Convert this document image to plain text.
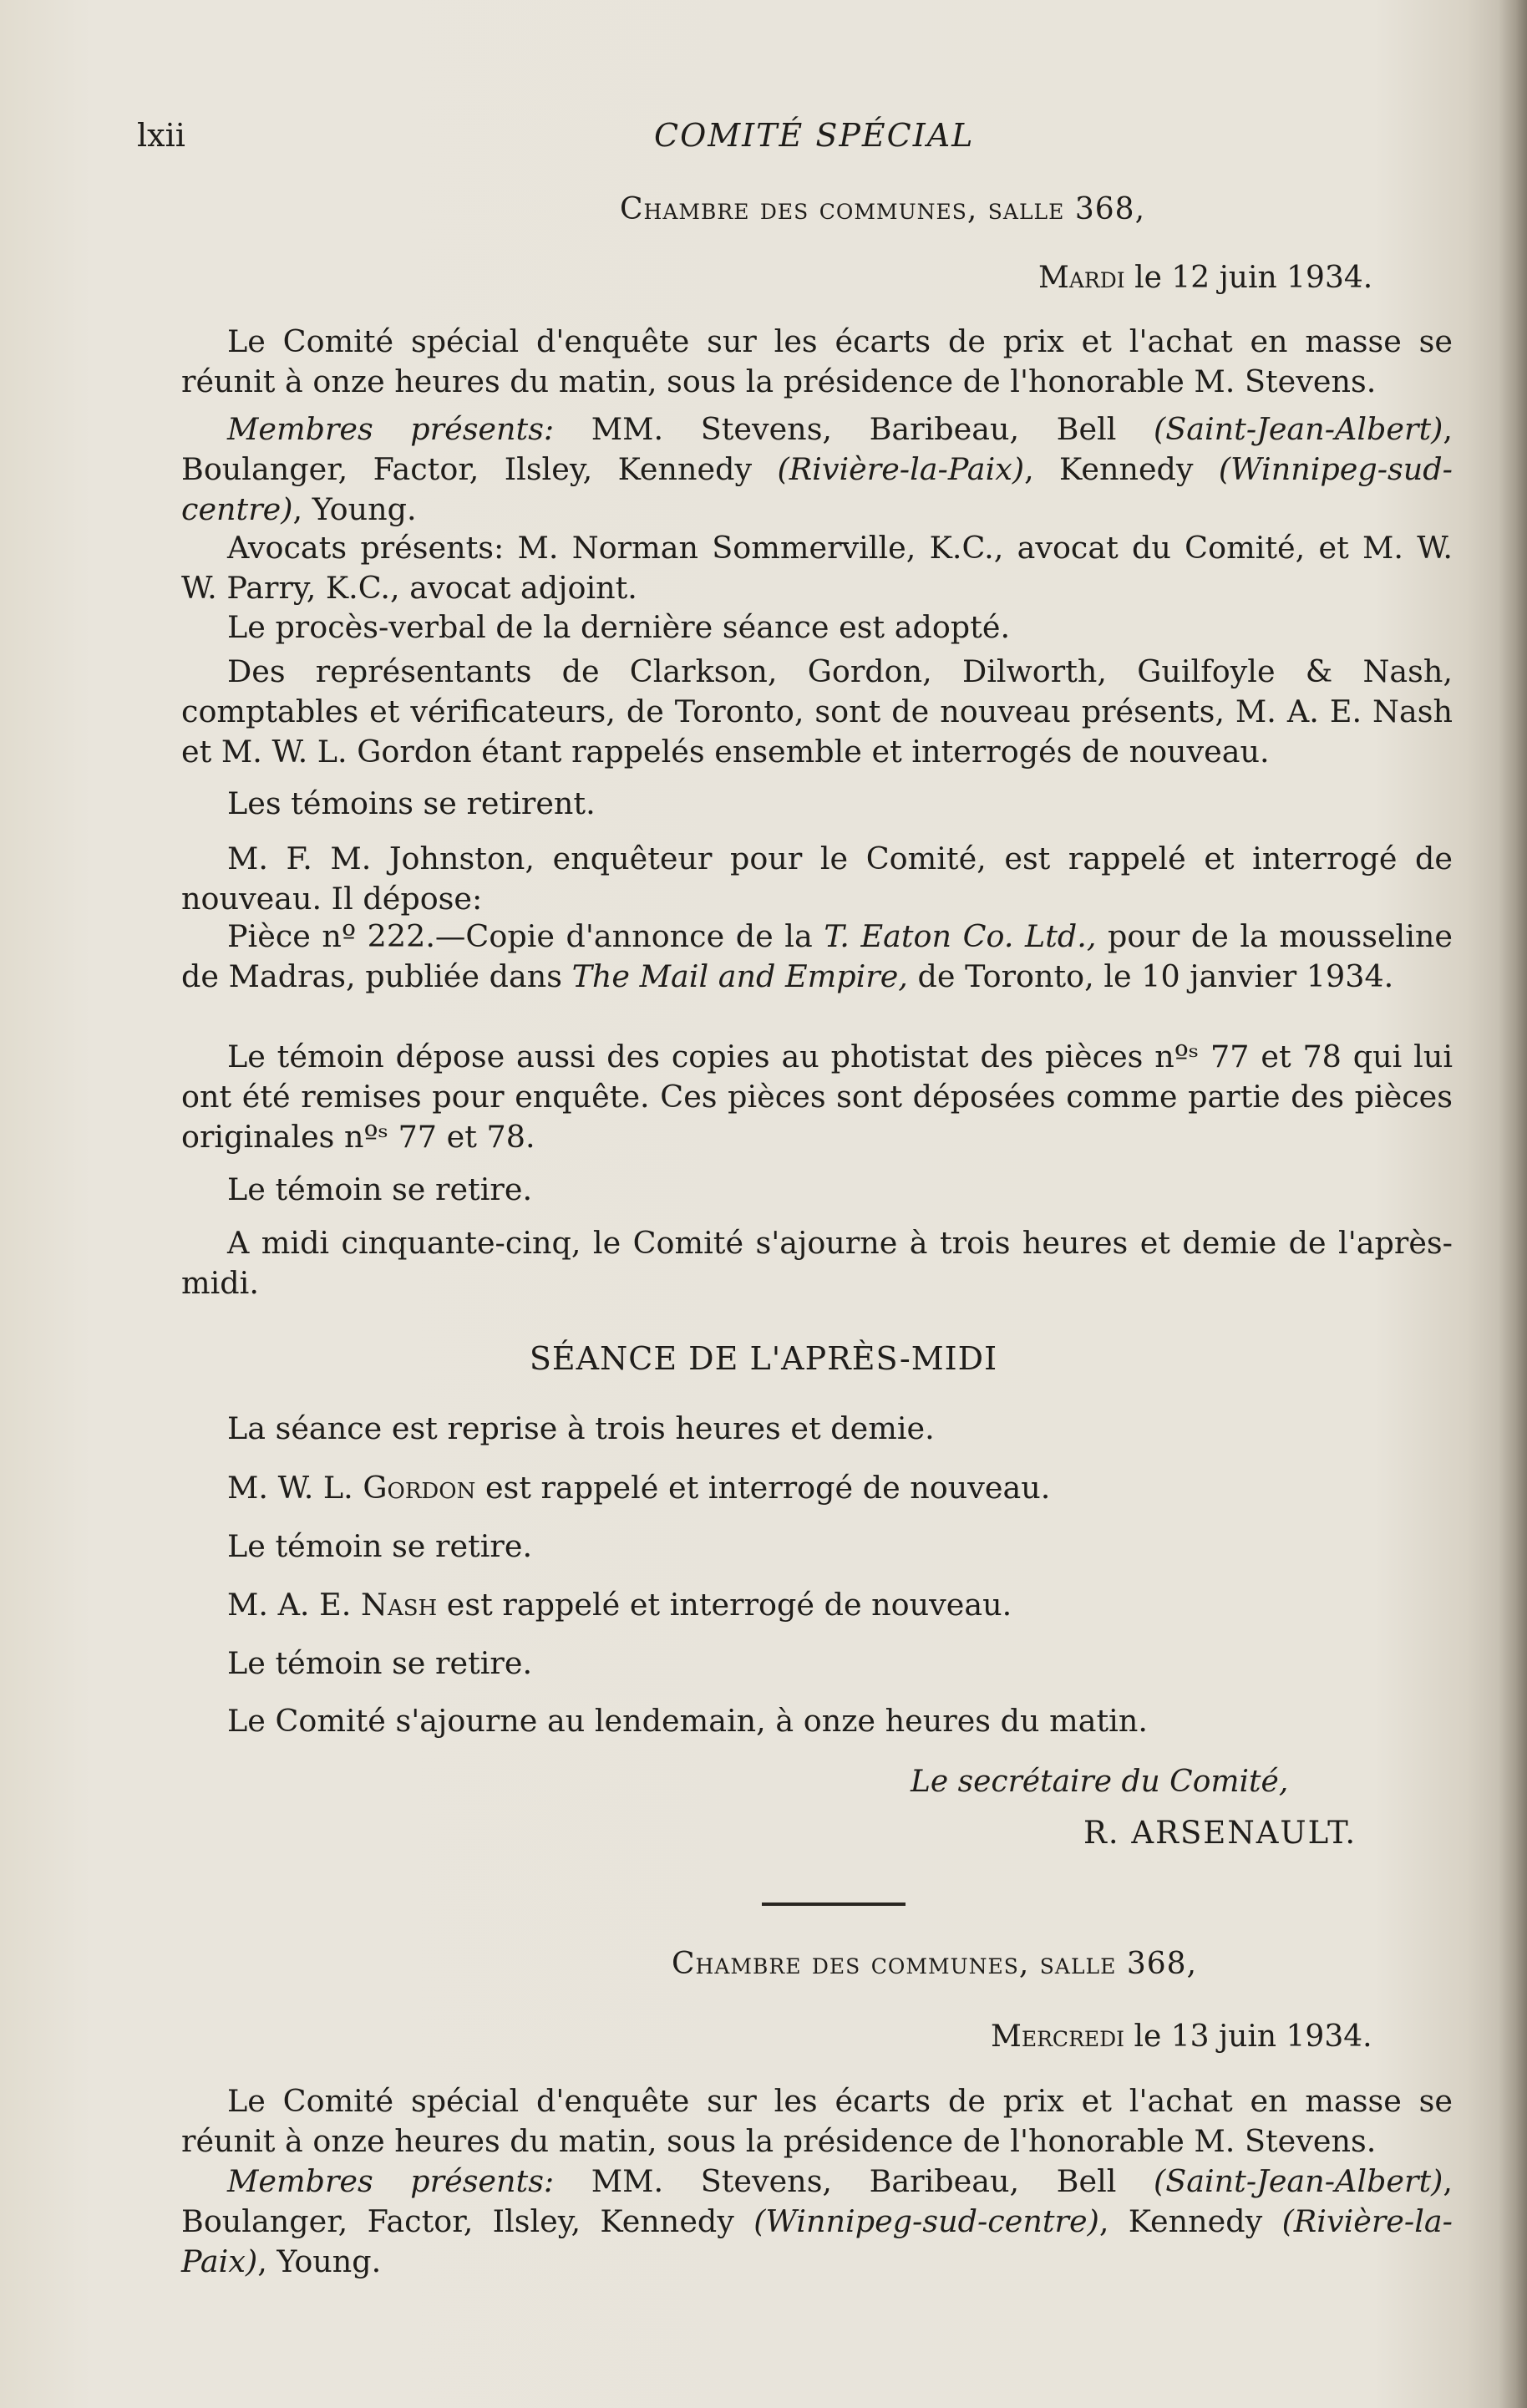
lxii	COMITÉ SPÉCIAL
Chambre des communes, salle 368,
Mardi le 12 juin 1934.

Le Comité spécial d'enquête sur les écarts de prix et l'achat en masse se réunit à onze heures du matin, sous la présidence de l'honorable M. Stevens.

Membres présents: MM. Stevens, Baribeau, Bell (Saint-Jean-Albert), Boulanger, Factor, Ilsley, Kennedy (Rivière-la-Paix), Kennedy (Winnipeg-sud-centre), Young.

Avocats présents: M. Norman Sommerville, K.C., avocat du Comité, et M. W. W. Parry, K.C., avocat adjoint.

Le procès-verbal de la dernière séance est adopté.

Des représentants de Clarkson, Gordon, Dilworth, Guilfoyle & Nash, comptables et vérificateurs, de Toronto, sont de nouveau présents, M. A. E. Nash et M. W. L. Gordon étant rappelés ensemble et interrogés de nouveau.

Les témoins se retirent.

M. F. M. Johnston, enquêteur pour le Comité, est rappelé et interrogé de nouveau. Il dépose:

Pièce nº 222.—Copie d'annonce de la T. Eaton Co. Ltd., pour de la mousseline de Madras, publiée dans The Mail and Empire, de Toronto, le 10 janvier 1934.

Le témoin dépose aussi des copies au photistat des pièces nºˢ 77 et 78 qui lui ont été remises pour enquête. Ces pièces sont déposées comme partie des pièces originales nºˢ 77 et 78.

Le témoin se retire.

A midi cinquante-cinq, le Comité s'ajourne à trois heures et demie de l'après-midi.

SÉANCE DE L'APRÈS-MIDI
La séance est reprise à trois heures et demie.
M. W. L. Gordon est rappelé et interrogé de nouveau.
Le témoin se retire.
M. A. E. Nash est rappelé et interrogé de nouveau.
Le témoin se retire.
Le Comité s'ajourne au lendemain, à onze heures du matin.
Le secrétaire du Comité,
R. ARSENAULT.
Chambre des communes, salle 368,
Mercredi le 13 juin 1934.

Le Comité spécial d'enquête sur les écarts de prix et l'achat en masse se réunit à onze heures du matin, sous la présidence de l'honorable M. Stevens.

Membres présents: MM. Stevens, Baribeau, Bell (Saint-Jean-Albert), Boulanger, Factor, Ilsley, Kennedy (Winnipeg-sud-centre), Kennedy (Rivière-la-Paix), Young.
